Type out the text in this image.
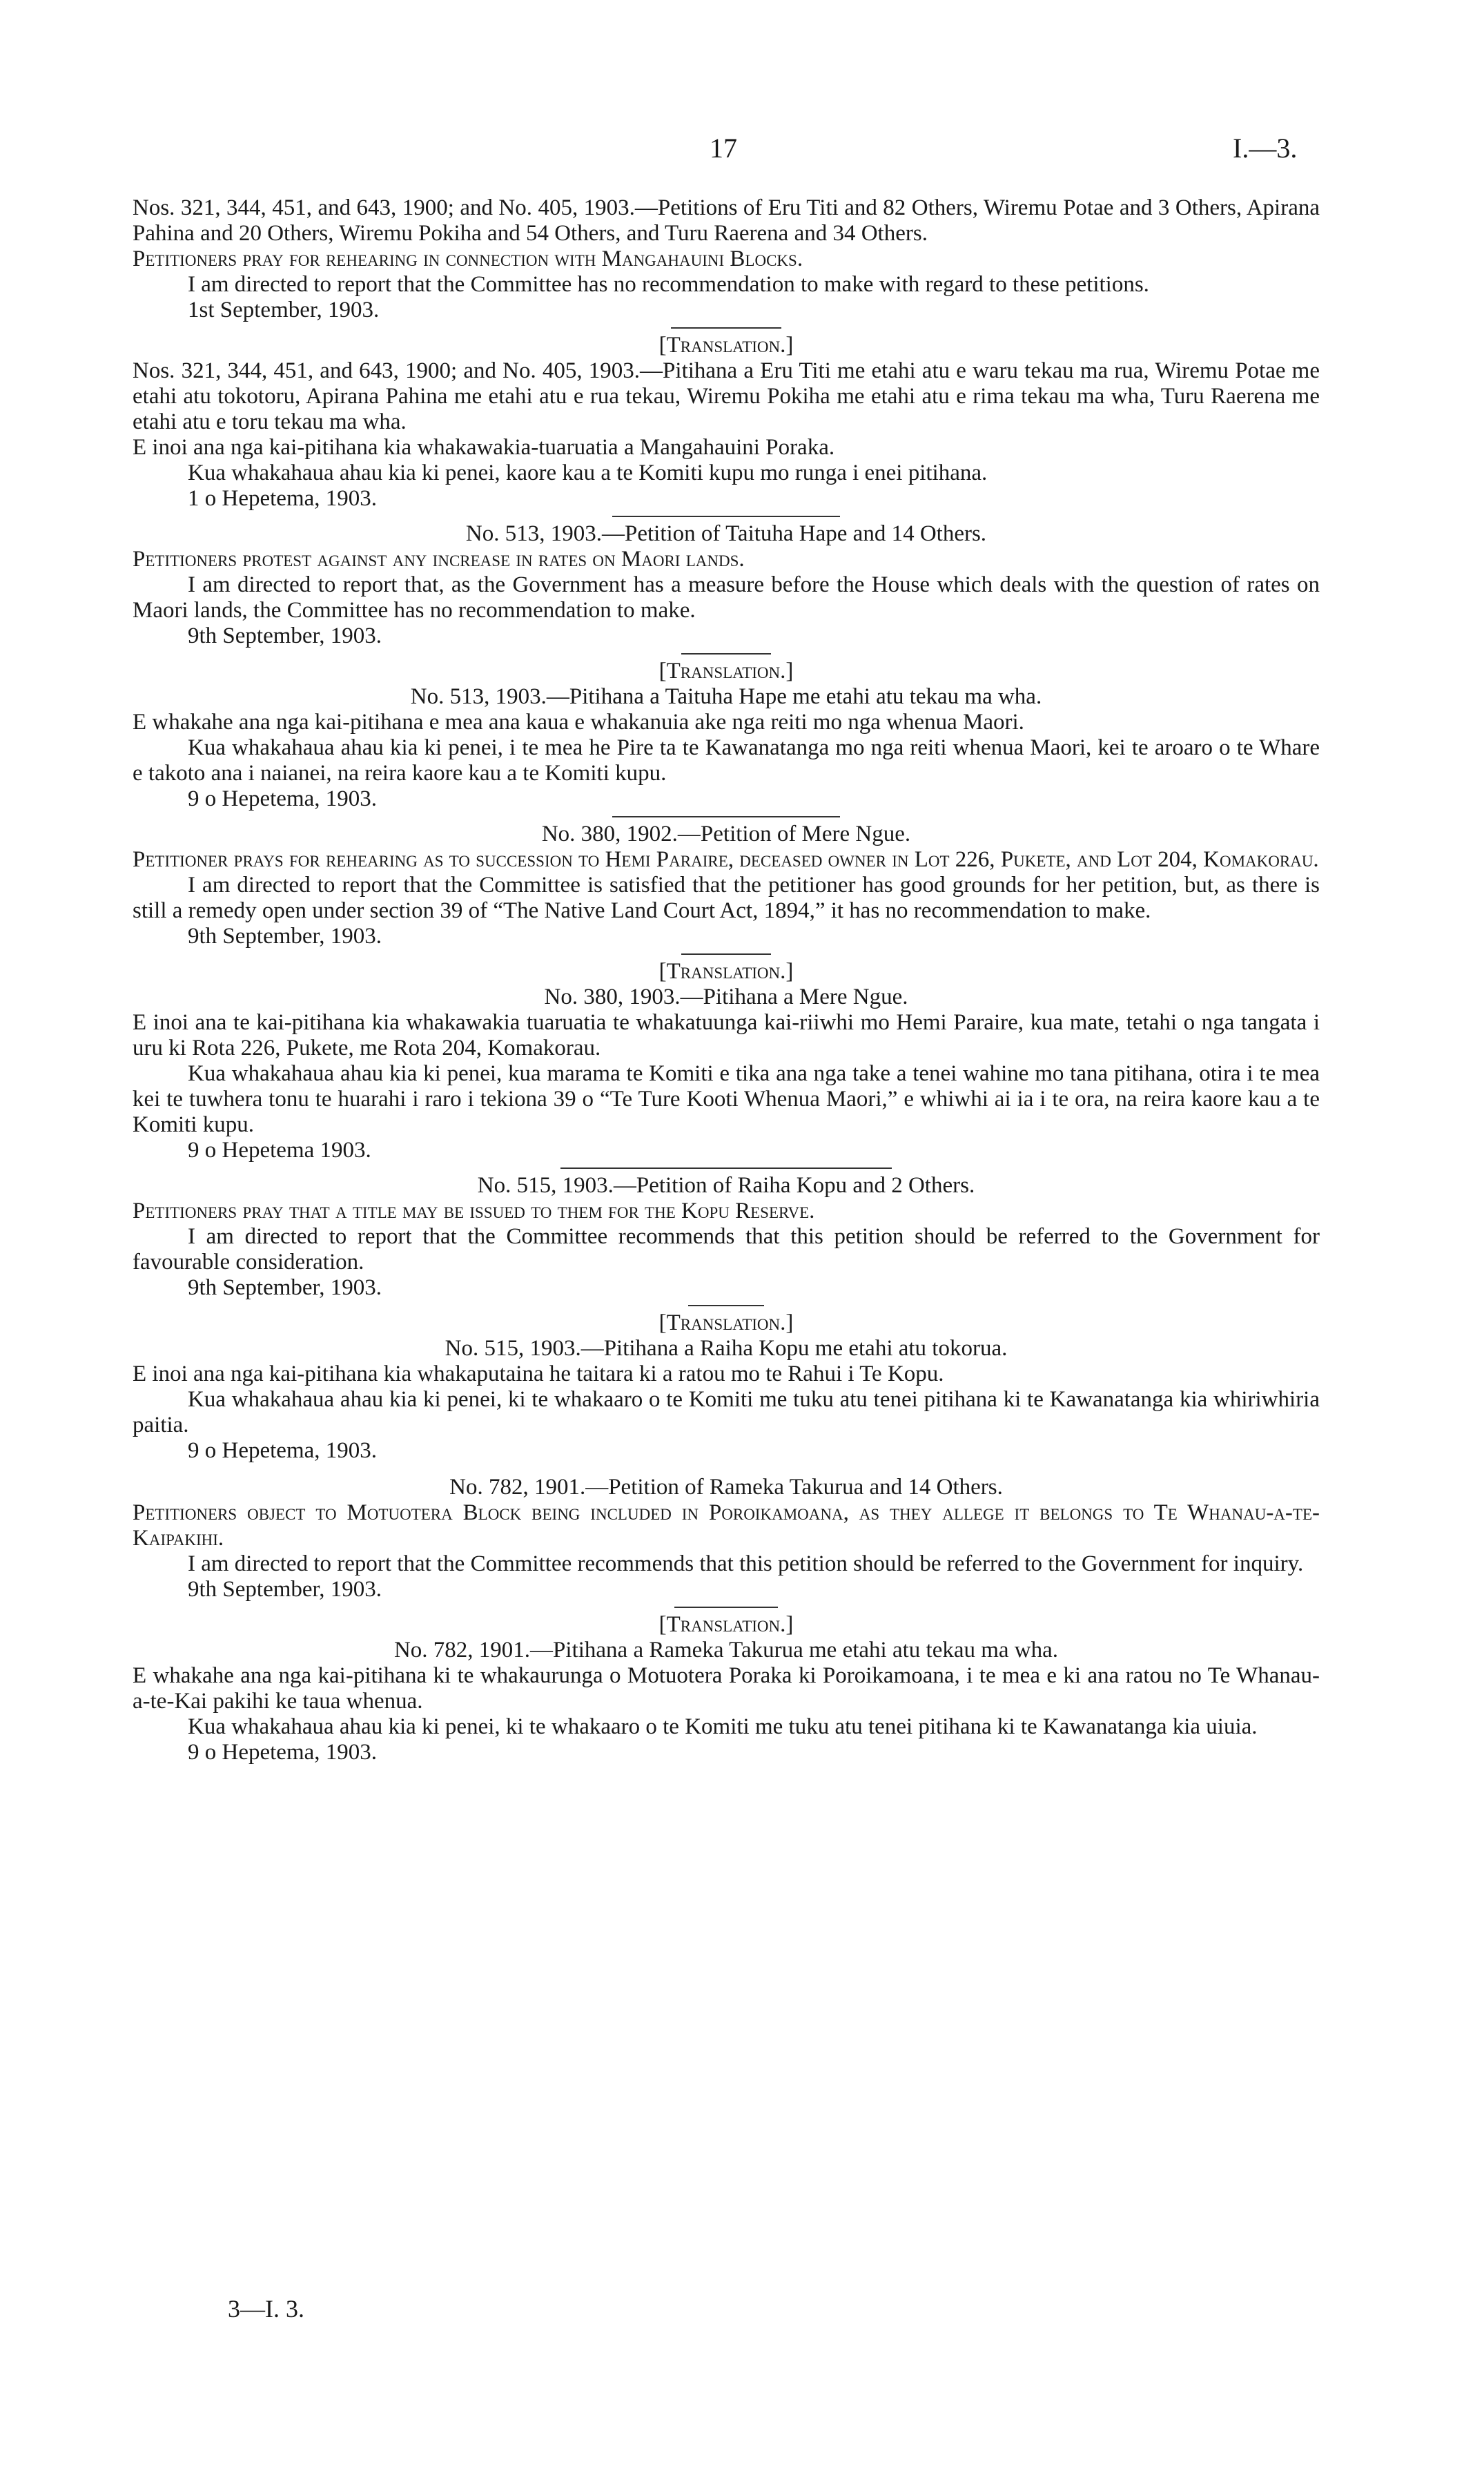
17	I.—3.

Nos. 321, 344, 451, and 643, 1900; and No. 405, 1903.—Petitions of Eru Titi and 82 Others, Wiremu Potae and 3 Others, Apirana Pahina and 20 Others, Wiremu Pokiha and 54 Others, and Turu Raerena and 34 Others.

Petitioners pray for rehearing in connection with Mangahauini Blocks.

I am directed to report that the Committee has no recommendation to make with regard to these petitions.

1st September, 1903.

[Translation.]

Nos. 321, 344, 451, and 643, 1900; and No. 405, 1903.—Pitihana a Eru Titi me etahi atu e waru tekau ma rua, Wiremu Potae me etahi atu tokotoru, Apirana Pahina me etahi atu e rua tekau, Wiremu Pokiha me etahi atu e rima tekau ma wha, Turu Raerena me etahi atu e toru tekau ma wha.

E inoi ana nga kai-pitihana kia whakawakia-tuaruatia a Mangahauini Poraka.

Kua whakahaua ahau kia ki penei, kaore kau a te Komiti kupu mo runga i enei pitihana.

1 o Hepetema, 1903.

No. 513, 1903.—Petition of Taituha Hape and 14 Others.

Petitioners protest against any increase in rates on Maori lands.

I am directed to report that, as the Government has a measure before the House which deals with the question of rates on Maori lands, the Committee has no recommendation to make.

9th September, 1903.

[Translation.]

No. 513, 1903.—Pitihana a Taituha Hape me etahi atu tekau ma wha.

E whakahe ana nga kai-pitihana e mea ana kaua e whakanuia ake nga reiti mo nga whenua Maori.

Kua whakahaua ahau kia ki penei, i te mea he Pire ta te Kawanatanga mo nga reiti whenua Maori, kei te aroaro o te Whare e takoto ana i naianei, na reira kaore kau a te Komiti kupu.

9 o Hepetema, 1903.

No. 380, 1902.—Petition of Mere Ngue.

Petitioner prays for rehearing as to succession to Hemi Paraire, deceased owner in Lot 226, Pukete, and Lot 204, Komakorau.

I am directed to report that the Committee is satisfied that the petitioner has good grounds for her petition, but, as there is still a remedy open under section 39 of “The Native Land Court Act, 1894,” it has no recommendation to make.

9th September, 1903.

[Translation.]

No. 380, 1903.—Pitihana a Mere Ngue.

E inoi ana te kai-pitihana kia whakawakia tuaruatia te whakatuunga kai-riiwhi mo Hemi Paraire, kua mate, tetahi o nga tangata i uru ki Rota 226, Pukete, me Rota 204, Komakorau.

Kua whakahaua ahau kia ki penei, kua marama te Komiti e tika ana nga take a tenei wahine mo tana pitihana, otira i te mea kei te tuwhera tonu te huarahi i raro i tekiona 39 o “Te Ture Kooti Whenua Maori,” e whiwhi ai ia i te ora, na reira kaore kau a te Komiti kupu.

9 o Hepetema 1903.

No. 515, 1903.—Petition of Raiha Kopu and 2 Others.

Petitioners pray that a title may be issued to them for the Kopu Reserve.

I am directed to report that the Committee recommends that this petition should be referred to the Government for favourable consideration.

9th September, 1903.

[Translation.]

No. 515, 1903.—Pitihana a Raiha Kopu me etahi atu tokorua.

E inoi ana nga kai-pitihana kia whakaputaina he taitara ki a ratou mo te Rahui i Te Kopu.

Kua whakahaua ahau kia ki penei, ki te whakaaro o te Komiti me tuku atu tenei pitihana ki te Kawanatanga kia whiriwhiria paitia.

9 o Hepetema, 1903.

No. 782, 1901.—Petition of Rameka Takurua and 14 Others.

Petitioners object to Motuotera Block being included in Poroikamoana, as they allege it belongs to Te Whanau-a-te-Kaipakihi.

I am directed to report that the Committee recommends that this petition should be referred to the Government for inquiry.

9th September, 1903.

[Translation.]

No. 782, 1901.—Pitihana a Rameka Takurua me etahi atu tekau ma wha.

E whakahe ana nga kai-pitihana ki te whakaurunga o Motuotera Poraka ki Poroikamoana, i te mea e ki ana ratou no Te Whanau-a-te-Kai pakihi ke taua whenua.

Kua whakahaua ahau kia ki penei, ki te whakaaro o te Komiti me tuku atu tenei pitihana ki te Kawanatanga kia uiuia.

9 o Hepetema, 1903.

3—I. 3.
